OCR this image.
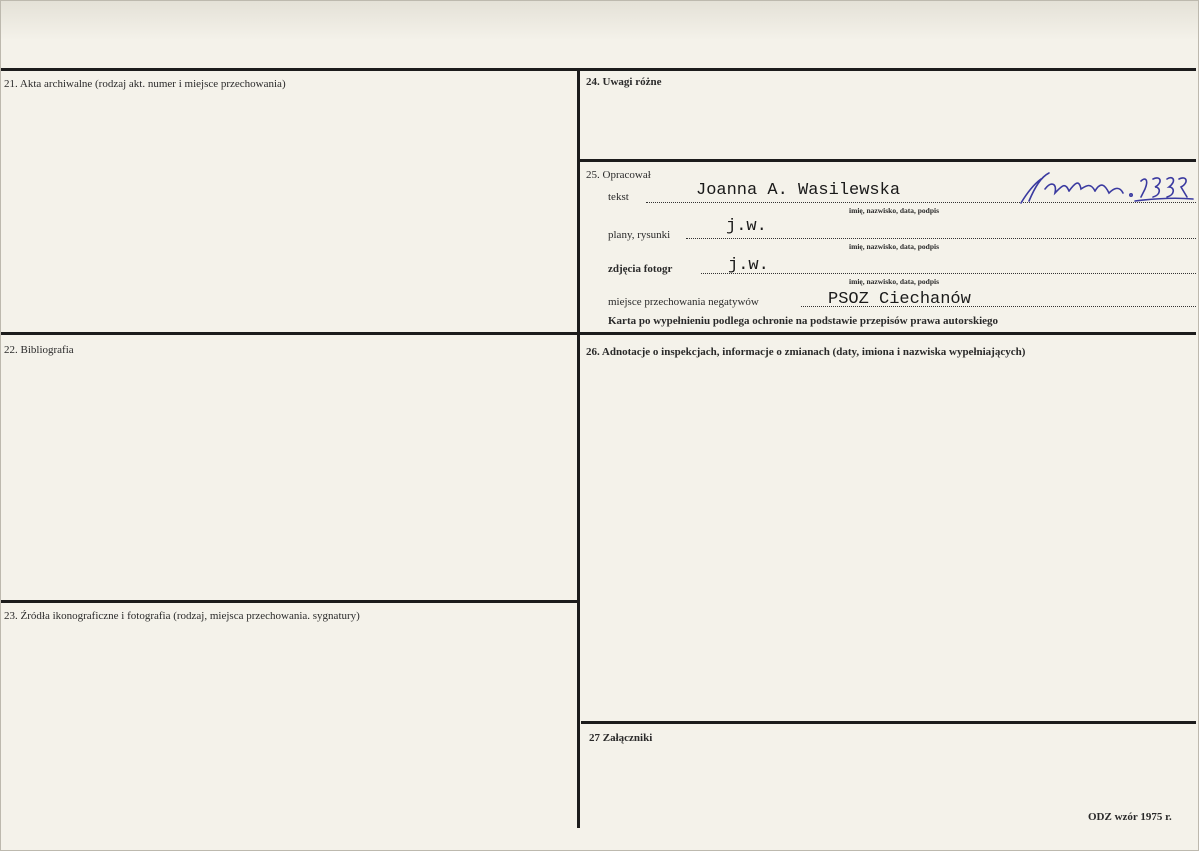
21. Akta archiwalne (rodzaj akt. numer i miejsce przechowania)
22. Bibliografia
23. Źródła ikonograficzne i fotografia (rodzaj, miejsca przechowania. sygnatury)
24. Uwagi różne
25. Opracował
26. Adnotacje o inspekcjach, informacje o zmianach (daty, imiona i nazwiska wypełniających)
27 Załączniki
tekst	Joanna A. Wasilewska
imię, nazwisko, data, podpis
plany, rysunki	j.w.
imię, nazwisko, data, podpis
zdjęcia fotogr	j.w.
imię, nazwisko, data, podpis
miejsce przechowania negatywów	PSOZ Ciechanów
Karta po wypełnieniu podlega ochronie na podstawie przepisów prawa autorskiego
ODZ wzór 1975 r.
